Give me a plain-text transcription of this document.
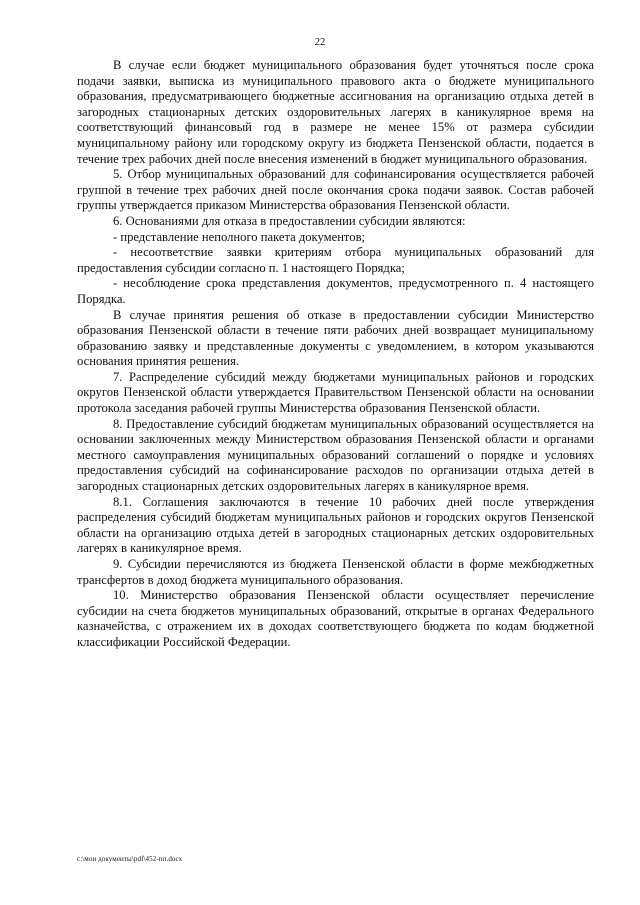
22

В случае если бюджет муниципального образования будет уточняться после срока подачи заявки, выписка из муниципального правового акта о бюджете муниципального образования, предусматривающего бюджетные ассигнования на организацию отдыха детей в загородных стационарных детских оздоровительных лагерях в каникулярное время на соответствующий финансовый год в размере не менее 15% от размера субсидии муниципальному району или городскому округу из бюджета Пензенской области, подается в течение трех рабочих дней после внесения изменений в бюджет муниципального образования.

5. Отбор муниципальных образований для софинансирования осуществляется рабочей группой в течение трех рабочих дней после окончания срока подачи заявок. Состав рабочей группы утверждается приказом Министерства образования Пензенской области.

6. Основаниями для отказа в предоставлении субсидии являются:

- представление неполного пакета документов;

- несоответствие заявки критериям отбора муниципальных образований для предоставления субсидии согласно п. 1 настоящего Порядка;

- несоблюдение срока представления документов, предусмотренного п. 4 настоящего Порядка.

В случае принятия решения об отказе в предоставлении субсидии Министерство образования Пензенской области в течение пяти рабочих дней возвращает муниципальному образованию заявку и представленные документы с уведомлением, в котором указываются основания принятия решения.

7. Распределение субсидий между бюджетами муниципальных районов и городских округов Пензенской области утверждается Правительством Пензенской области на основании протокола заседания рабочей группы Министерства образования Пензенской области.

8. Предоставление субсидий бюджетам муниципальных образований осуществляется на основании заключенных между Министерством образования Пензенской области и органами местного самоуправления муниципальных образований соглашений о порядке и условиях предоставления субсидий на софинансирование расходов по организации отдыха детей в загородных стационарных детских оздоровительных лагерях в каникулярное время.

8.1. Соглашения заключаются в течение 10 рабочих дней после утверждения распределения субсидий бюджетам муниципальных районов и городских округов Пензенской области на организацию отдыха детей в загородных стационарных детских оздоровительных лагерях в каникулярное время.

9. Субсидии перечисляются из бюджета Пензенской области в форме межбюджетных трансфертов в доход бюджета муниципального образования.

10. Министерство образования Пензенской области осуществляет перечисление субсидии на счета бюджетов муниципальных образований, открытые в органах Федерального казначейства, с отражением их в доходах соответствующего бюджета по кодам бюджетной классификации Российской Федерации.

c:\мои документы\pdf\452-пп.docx
